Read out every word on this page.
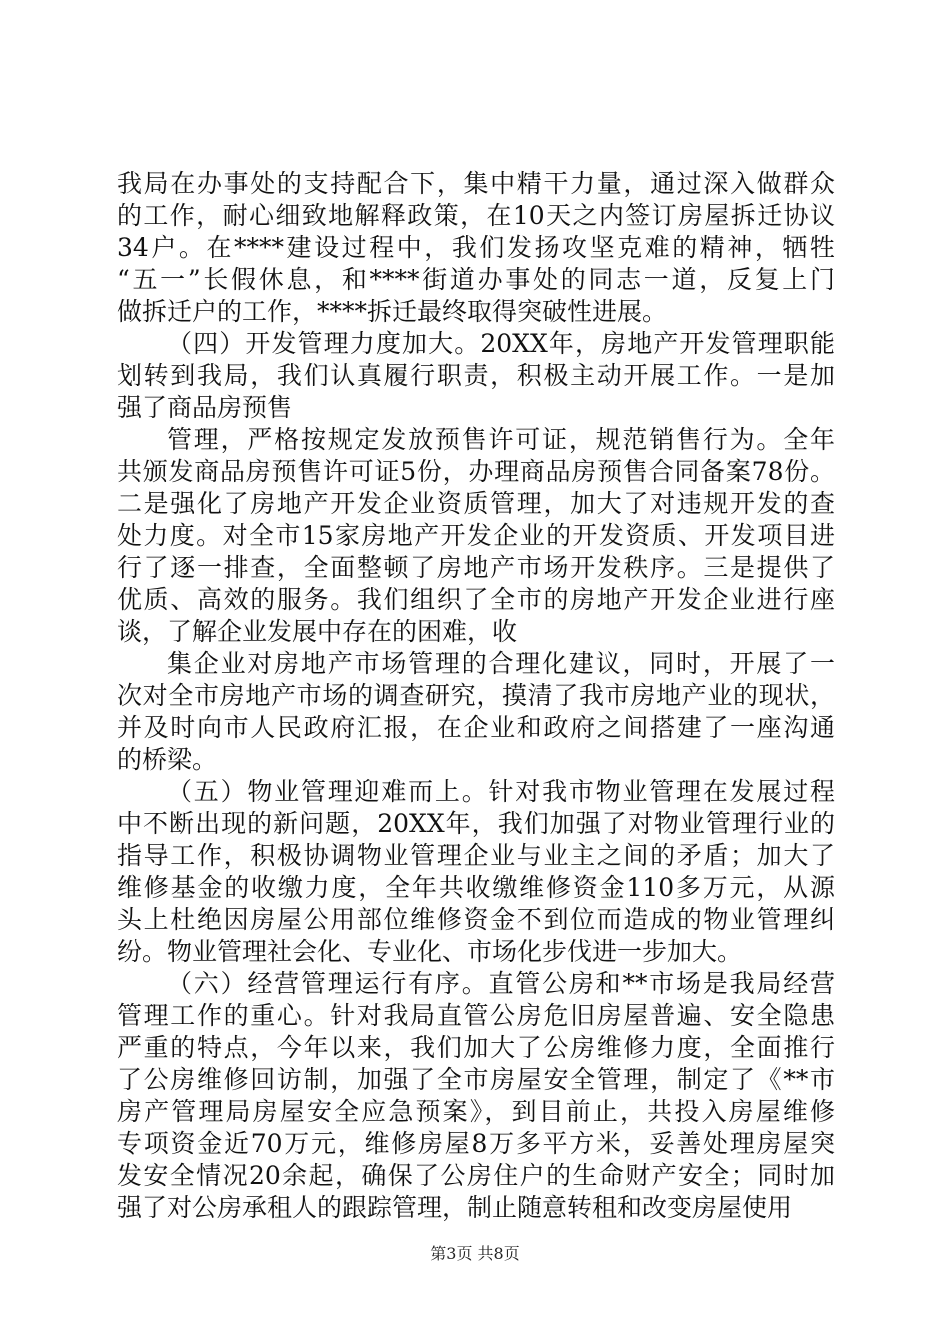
我局在办事处的支持配合下，集中精干力量，通过深入做群众
的工作，耐心细致地解释政策，在10天之内签订房屋拆迁协议
34户。在****建设过程中，我们发扬攻坚克难的精神，牺牲
“五一”长假休息，和****街道办事处的同志一道，反复上门
做拆迁户的工作，****拆迁最终取得突破性进展。
（四）开发管理力度加大。20XX年，房地产开发管理职能
划转到我局，我们认真履行职责，积极主动开展工作。一是加
强了商品房预售
管理，严格按规定发放预售许可证，规范销售行为。全年
共颁发商品房预售许可证5份，办理商品房预售合同备案78份。
二是强化了房地产开发企业资质管理，加大了对违规开发的查
处力度。对全市15家房地产开发企业的开发资质、开发项目进
行了逐一排查，全面整顿了房地产市场开发秩序。三是提供了
优质、高效的服务。我们组织了全市的房地产开发企业进行座
谈，了解企业发展中存在的困难，收
集企业对房地产市场管理的合理化建议，同时，开展了一
次对全市房地产市场的调查研究，摸清了我市房地产业的现状，
并及时向市人民政府汇报，在企业和政府之间搭建了一座沟通
的桥梁。
（五）物业管理迎难而上。针对我市物业管理在发展过程
中不断出现的新问题，20XX年，我们加强了对物业管理行业的
指导工作，积极协调物业管理企业与业主之间的矛盾；加大了
维修基金的收缴力度，全年共收缴维修资金110多万元，从源
头上杜绝因房屋公用部位维修资金不到位而造成的物业管理纠
纷。物业管理社会化、专业化、市场化步伐进一步加大。
（六）经营管理运行有序。直管公房和**市场是我局经营
管理工作的重心。针对我局直管公房危旧房屋普遍、安全隐患
严重的特点，今年以来，我们加大了公房维修力度，全面推行
了公房维修回访制，加强了全市房屋安全管理，制定了《**市
房产管理局房屋安全应急预案》，到目前止，共投入房屋维修
专项资金近70万元，维修房屋8万多平方米，妥善处理房屋突
发安全情况20余起，确保了公房住户的生命财产安全；同时加
强了对公房承租人的跟踪管理，制止随意转租和改变房屋使用
第3页 共8页
